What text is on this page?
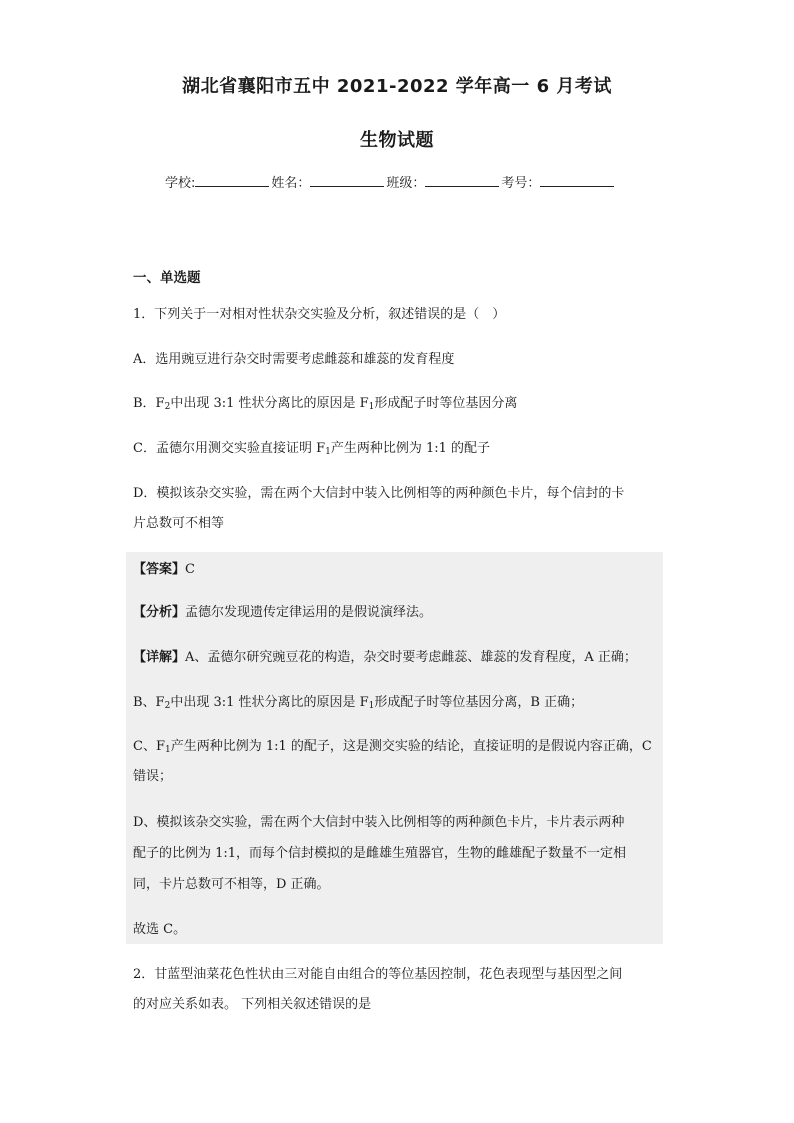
湖北省襄阳市五中 2021-2022 学年高一 6 月考试
生物试题
学校:	姓名：	班级：	考号：
一、单选题
1．下列关于一对相对性状杂交实验及分析，叙述错误的是（　）
A．选用豌豆进行杂交时需要考虑雌蕊和雄蕊的发育程度
B．$F_2$中出现 3:1 性状分离比的原因是 $F_1$形成配子时等位基因分离
C．孟德尔用测交实验直接证明 $F_1$产生两种比例为 1:1 的配子
D．模拟该杂交实验，需在两个大信封中装入比例相等的两种颜色卡片，每个信封的卡
片总数可不相等
【答案】C
【分析】孟德尔发现遗传定律运用的是假说演绎法。
【详解】A、孟德尔研究豌豆花的构造，杂交时要考虑雌蕊、雄蕊的发育程度，A 正确；
B、$F_2$中出现 3:1 性状分离比的原因是 $F_1$形成配子时等位基因分离，B 正确；
C、$F_1$产生两种比例为 1:1 的配子，这是测交实验的结论，直接证明的是假说内容正确，C
错误；
D、模拟该杂交实验，需在两个大信封中装入比例相等的两种颜色卡片，卡片表示两种
配子的比例为 1:1，而每个信封模拟的是雌雄生殖器官，生物的雌雄配子数量不一定相
同，卡片总数可不相等，D 正确。
故选 C。
2．甘蓝型油菜花色性状由三对能自由组合的等位基因控制，花色表现型与基因型之间
的对应关系如表。 下列相关叙述错误的是
